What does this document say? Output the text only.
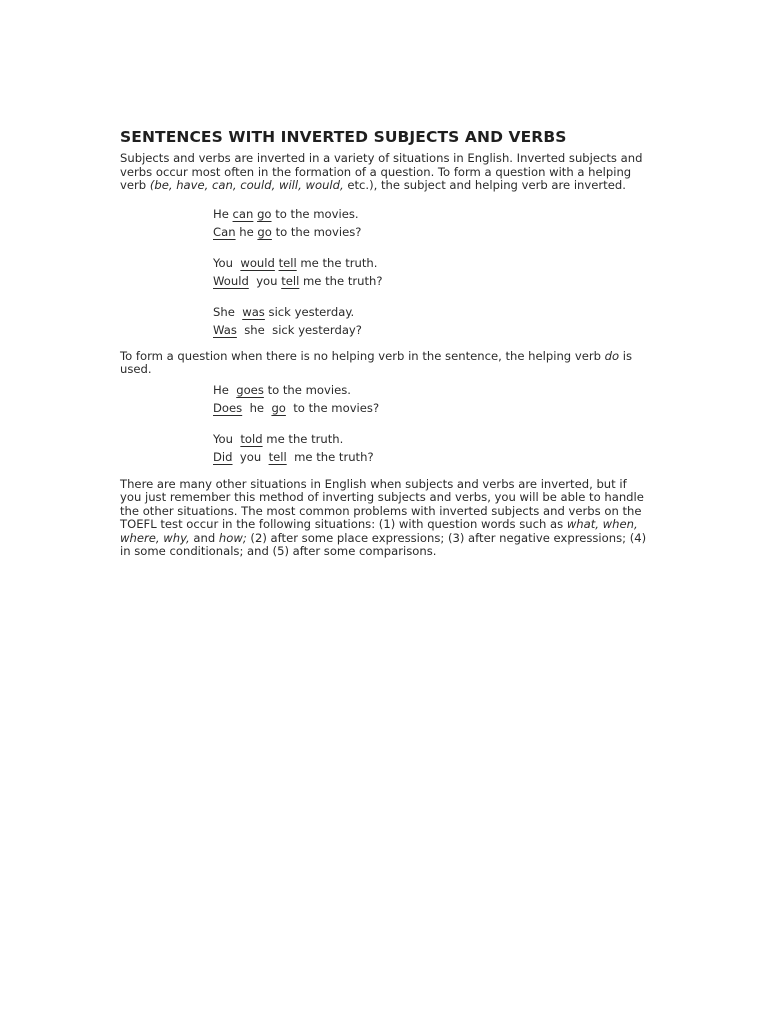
SENTENCES WITH INVERTED SUBJECTS AND VERBS

Subjects and verbs are inverted in a variety of situations in English. Inverted subjects and verbs occur most often in the formation of a question. To form a question with a helping verb (be, have, can, could, will, would, etc.), the subject and helping verb are inverted.

He can go to the movies.
Can he go to the movies?
You would tell me the truth.
Would you tell me the truth?
She was sick yesterday.
Was she sick yesterday?

To form a question when there is no helping verb in the sentence, the helping verb do is used.

He goes to the movies.
Does he go to the movies?
You told me the truth.
Did you tell me the truth?

There are many other situations in English when subjects and verbs are inverted, but if you just remember this method of inverting subjects and verbs, you will be able to handle the other situations. The most common problems with inverted subjects and verbs on the TOEFL test occur in the following situations: (1) with question words such as what, when, where, why, and how; (2) after some place expressions; (3) after negative expressions; (4) in some conditionals; and (5) after some comparisons.
